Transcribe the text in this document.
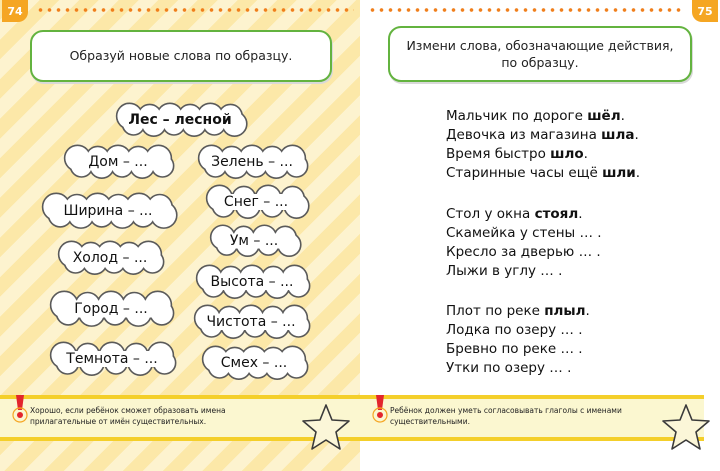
74
Образуй новые слова по образцу.
Лес – лесной
Дом – ...
Ширина – ...
Холод – ...
Город – ...
Темнота – ...
Зелень – ...
Снег – ...
Ум – ...
Высота – ...
Чистота – ...
Смех – ...
Хорошо, если ребёнок сможет образовать имена
прилагательные от имён существительных.
75
Измени слова, обозначающие действия,
по образцу.
Мальчик по дороге шёл.
Девочка из магазина шла.
Время быстро шло.
Старинные часы ещё шли.
Стол у окна стоял.
Скамейка у стены … .
Кресло за дверью … .
Лыжи в углу … .
Плот по реке плыл.
Лодка по озеру … .
Бревно по реке … .
Утки по озеру … .
Ребёнок должен уметь согласовывать глаголы с именами
существительными.
